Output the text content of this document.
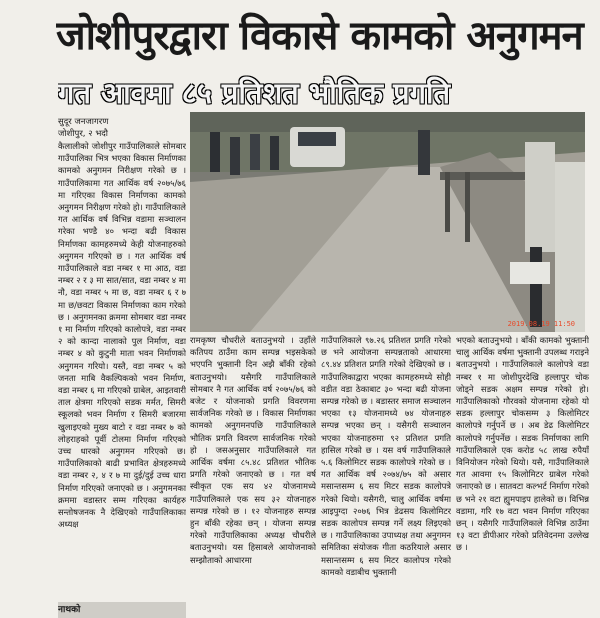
जोशीपुरद्वारा विकासे कामको अनुगमन
गत आवमा ८५ प्रतिशत भौतिक प्रगति
सुदूर जनजागरण
जोशीपुर, २ भदौ
2019.08.19 11:50

कैलालीको जोशीपुर गाउँपालिकाले सोमबार गाउँपालिका भित्र भएका विकास निर्माणका कामको अनुगमन निरीक्षण गरेको छ । गाउँपालिकामा गत आर्थिक वर्ष २०७५/७६ मा गरिएका विकास निर्माणका कामको अनुगमन निरीक्षण गरेको हो। गाउँपालिकाले गत आर्थिक वर्ष विभिन्न वडामा सञ्चालन गरेका भण्डै ४० भन्दा बढी विकास निर्माणका कामहरुमध्ये केही योजनाहरुको अनुगमन गरिएको छ । गत आर्थिक वर्ष गाउँपालिकाले वडा नम्बर १ मा आठ, वडा नम्बर २ र ३ मा सात/सात, वडा नम्बर ४ मा नौ, वडा नम्बर ५ मा छ, वडा नम्बर ६ र ७ मा छ/छवटा विकास निर्माणका काम गरेको छ । अनुगमनका क्रममा सोमबार वडा नम्बर १ मा निर्माण गरिएको कालोपत्रे, वडा नम्बर २ को कान्दा नालाको पुल निर्माण, वडा नम्बर ४ को कुटुनी माता भवन निर्माणको अनुगमन गरियो। यस्तै, वडा नम्बर ५ को जनता माबि वैकल्पिकको भवन निर्माण, वडा नम्बर ६ मा गरिएको ग्राबेल, आइतवारी ताल क्षेत्रमा गरिएको सडक मर्मत, सिमरी स्कूलको भवन निर्माण र सिमरी बजारमा खुलाइएको मुख्य बाटो र वडा नम्बर ७ को लोहराहको पूर्वी टोलमा निर्माण गरिएको उच्च धारको अनुगमन गरिएको छ। गाउँपालिकाको बाढी प्रभावित क्षेत्रहरुमध्ये वडा नम्बर २, ४ र ७ मा दुई/दुई उच्च धारा निर्माण गरिएको जनाएको छ । अनुगमनका क्रममा वडास्तर सम्म गरिएका कार्यहरु सन्तोषजनक नै देखिएको गाउँपालिकाका अध्यक्ष

रामकृष्ण चौधरीले बताउनुभयो । उहाँले कतिपय ठाउँमा काम सम्पन्न भइसकेको भएपनि भुक्तानी दिन अझै बाँकी रहेको बताउनुभयो। यसैगरि गाउँपालिकाले सोमबार नै गत आर्थिक वर्ष २०७५/७६ को बजेट र योजनाको प्रगति विवरणमा सार्वजनिक गरेको छ । विकास निर्माणका कामको अनुगमनपछि गाउँपालिकाले भौतिक प्रगति विवरण सार्वजनिक गरेको हो । जसअनुसार गाउँपालिकाले गत आर्थिक वर्षमा ८५.४८ प्रतिशत भौतिक प्रगति गरेको जनाएको छ । गत वर्ष स्वीकृत एक सय ४२ योजनामध्ये गाउँपालिकाले एक सय ३२ योजनाहरु सम्पन्न गरेको छ । १२ योजनाहरु सम्पन्न हुन बाँकी रहेका छन् । योजना सम्पन्न गरेको गाउँपालिकाका अध्यक्ष चौधरीले बताउनुभयो। यस हिसाबले आयोजनाको सम्झौताको आधारमा

गाउँपालिकाले ९७.२६ प्रतिशत प्रगति गरेको छ भने आयोजना सम्पन्नताको आधारमा ८९.४४ प्रतिशत प्रगति गरेको देखिएको छ । गाउँपालिकाद्वारा भएका कामहरुमध्ये सोही वडीत वडा ठेकाबाट ३० भन्दा बढी योजना सम्पन्न गरेको छ । बडास्तर समाज सञ्चालन भएका १३ योजनामध्ये ७४ योजनाहरु सम्पन्न भएका छन् । यसैगरी सञ्चालन भएका योजनाहरुमा ९२ प्रतिशत प्रगति हासिल गरेको छ । यस वर्ष गाउँपालिकाले ५.६ किलोमिटर सडक कालोपत्रे गरेको छ । गत आर्थिक वर्ष २०७४/७५ को असार मसान्तसम्म ६ सय मिटर सडक कालोपत्रे गरेको थियो। यसैगरी, चालु आर्थिक वर्षमा आइपुग्दा २०७६ भित्र डेढसय किलोमिटर सडक कालोपत्र सम्पन्न गर्ने लक्ष्य लिइएको छ । गाउँपालिकाका उपाध्यक्ष तथा अनुगमन समितिका संयोजक गीता कठरियाले असार मसान्तसम्म ६ सय मिटर कालोपत्र गरेको कामको वडाबीच भुक्तानी

भएको बताउनुभयो । बाँकी कामको भुक्तानी चालु आर्थिक वर्षमा भुक्तानी उपलब्ध गराइने बताउनुभयो । गाउँपालिकाले कालोपत्रे वडा नम्बर १ मा जोशीपुरदेखि हल्लापुर चोक जोड्ने सडक अक्षम सम्पन्न गरेको हो। गाउँपालिकाको गौरवको योजनामा रहेको यो सडक हल्लापुर चोकसम्म ३ किलोमिटर कालोपत्रे गर्नुपर्ने छ । अब डेढ किलोमिटर कालोपत्रे गर्नुपर्नेछ । सडक निर्माणका लागि गाउँपालिकाले एक करोड ५८ लाख रुपैयाँ विनियोजन गरेको थियो। यसै, गाउँपालिकाले गत आवमा १५ किलोमिटर ग्राबेल गरेको जनाएको छ । सातवटा कल्भर्ट निर्माण गरेको छ भने २१ वटा ह्युमपाइप हालेको छ। विभिन्न वडामा, गरि १७ वटा भवन निर्माण गरिएका छन् । यसैगरि गाउँपालिकाले विभिन्न ठाउँमा १३ वटा डीपीआर गरेको प्रतिवेदनमा उल्लेख छ ।

नाथको
